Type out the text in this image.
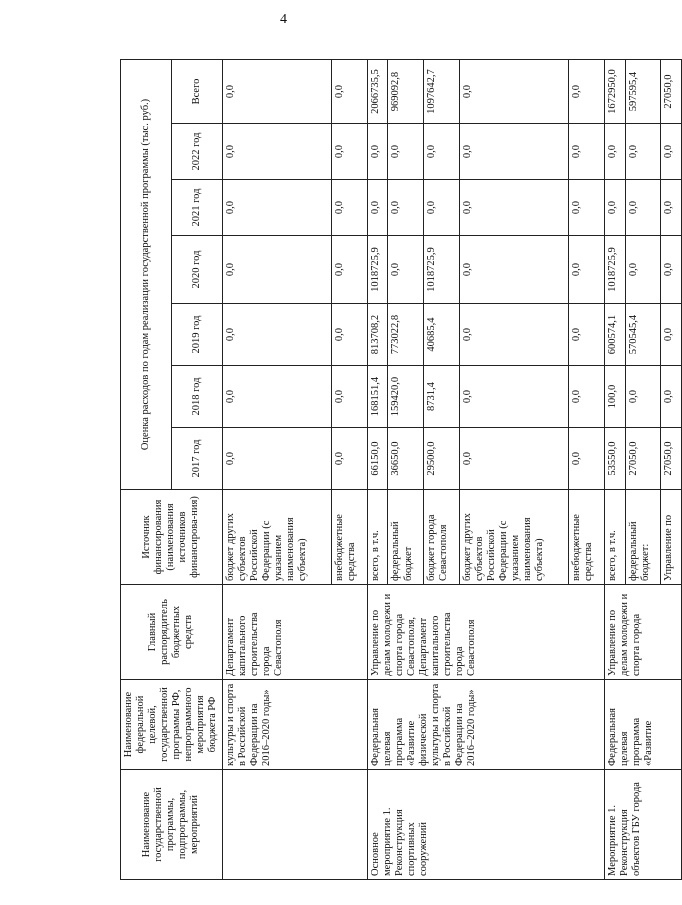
4
Наименование государственной программы, подпрограммы, мероприятий	Наименование федеральной целевой, государственной программы РФ, непрограммного мероприятия бюджета РФ	Главный распорядитель бюджетных средств	Источник финансирования (наименования источников финансирова-ния)	Оценка расходов по годам реализации государственной программы (тыс. руб.)						
				2017 год	2018 год	2019 год	2020 год	2021 год	2022 год	Всего
	культуры и спорта в Российской Федерации на 2016–2020 годы»	Департамент капитального строительства города Севастополя	бюджет других субъектов Российской Федерации (с указанием наименования субъекта)	0,0	0,0	0,0	0,0	0,0	0,0	0,0
			внебюджетные средства	0,0	0,0	0,0	0,0	0,0	0,0	0,0
Основное мероприятие 1. Реконструкция спортивных сооружений	Федеральная целевая программа «Развитие физической культуры и спорта в Российской Федерации на 2016–2020 годы»	Управление по делам молодежи и спорта города Севастополя, Департамент капитального строительства города Севастополя	всего, в т.ч.	66150,0	168151,4	813708,2	1018725,9	0,0	0,0	2066735,5
			федеральный бюджет	36650,0	159420,0	773022,8	0,0	0,0	0,0	969092,8
			бюджет города Севастополя	29500,0	8731,4	40685,4	1018725,9	0,0	0,0	1097642,7
			бюджет других субъектов Российской Федерации (с указанием наименования субъекта)	0,0	0,0	0,0	0,0	0,0	0,0	0,0
			внебюджетные средства	0,0	0,0	0,0	0,0	0,0	0,0	0,0
Мероприятие 1. Реконструкция объектов ГБУ города	Федеральная целевая программа «Развитие	Управление по делам молодежи и спорта города	всего, в т.ч.	53550,0	100,0	600574,1	1018725,9	0,0	0,0	1672950,0
			федеральный бюджет:	27050,0	0,0	570545,4	0,0	0,0	0,0	597595,4
			Управление по	27050,0	0,0	0,0	0,0	0,0	0,0	27050,0
